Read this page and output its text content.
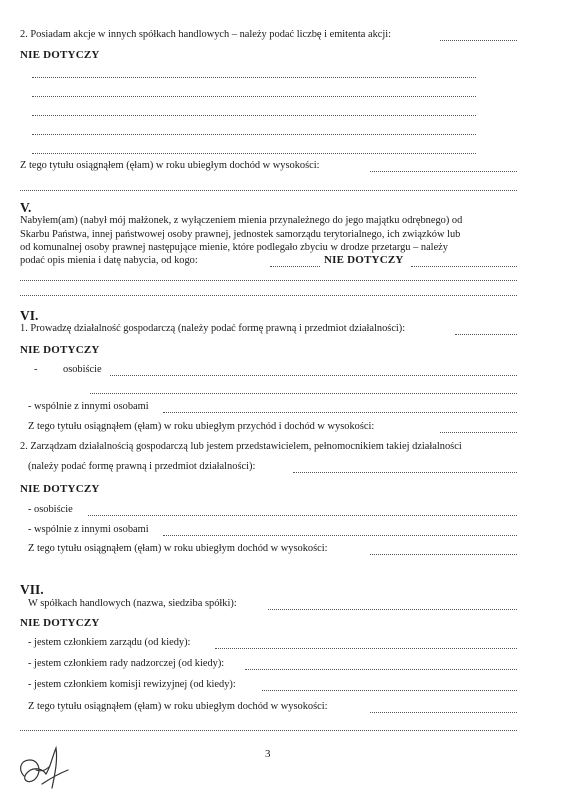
2. Posiadam akcje w innych spółkach handlowych – należy podać liczbę i emitenta akcji:
NIE DOTYCZY
Z tego tytułu osiągnąłem (ęłam) w roku ubiegłym dochód w wysokości:
V.
Nabyłem(am) (nabył mój małżonek, z wyłączeniem mienia przynależnego do jego majątku odrębnego) od
Skarbu Państwa, innej państwowej osoby prawnej, jednostek samorządu terytorialnego, ich związków lub
od komunalnej osoby prawnej następujące mienie, które podlegało zbyciu w drodze przetargu – należy
podać opis mienia i datę nabycia, od kogo:	NIE DOTYCZY
VI.
1. Prowadzę działalność gospodarczą (należy podać formę prawną i przedmiot działalności):
NIE DOTYCZY
- osobiście
- wspólnie z innymi osobami
Z tego tytułu osiągnąłem (ęłam) w roku ubiegłym przychód i dochód w wysokości:
2. Zarządzam działalnością gospodarczą lub jestem przedstawicielem, pełnomocnikiem takiej działalności
(należy podać formę prawną i przedmiot działalności):
NIE DOTYCZY
- osobiście
- wspólnie z innymi osobami
Z tego tytułu osiągnąłem (ęłam) w roku ubiegłym dochód w wysokości:
VII.
W spółkach handlowych (nazwa, siedziba spółki):
NIE DOTYCZY
- jestem członkiem zarządu (od kiedy):
- jestem członkiem rady nadzorczej (od kiedy):
- jestem członkiem komisji rewizyjnej (od kiedy):
Z tego tytułu osiągnąłem (ęłam) w roku ubiegłym dochód w wysokości:
3
